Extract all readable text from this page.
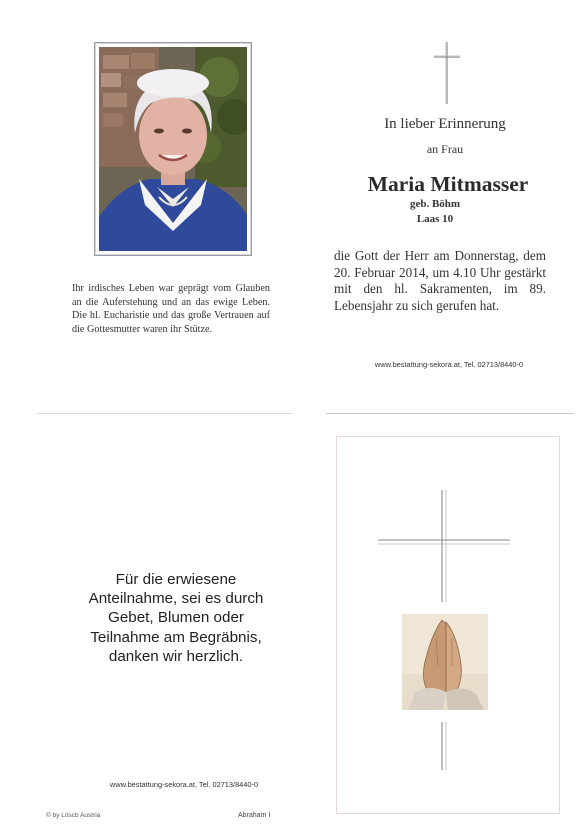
Ihr irdisches Leben war geprägt vom Glauben an die Auferstehung und an das ewige Leben. Die hl. Eucharistie und das große Vertrauen auf die Gottesmutter waren ihr Stütze.
In lieber Erinnerung
an Frau
Maria Mitmasser
geb. Böhm
Laas 10
die Gott der Herr am Donnerstag, dem 20. Februar 2014, um 4.10 Uhr gestärkt mit den hl. Sakramenten, im 89. Lebensjahr zu sich gerufen hat.
www.bestattung-sekora.at, Tel. 02713/8440-0
Für die erwiesene
Anteilnahme, sei es durch
Gebet, Blumen oder
Teilnahme am Begräbnis,
danken wir herzlich.
www.bestattung-sekora.at, Tel. 02713/8440-0
© by Löscb Austria	Abraham I
